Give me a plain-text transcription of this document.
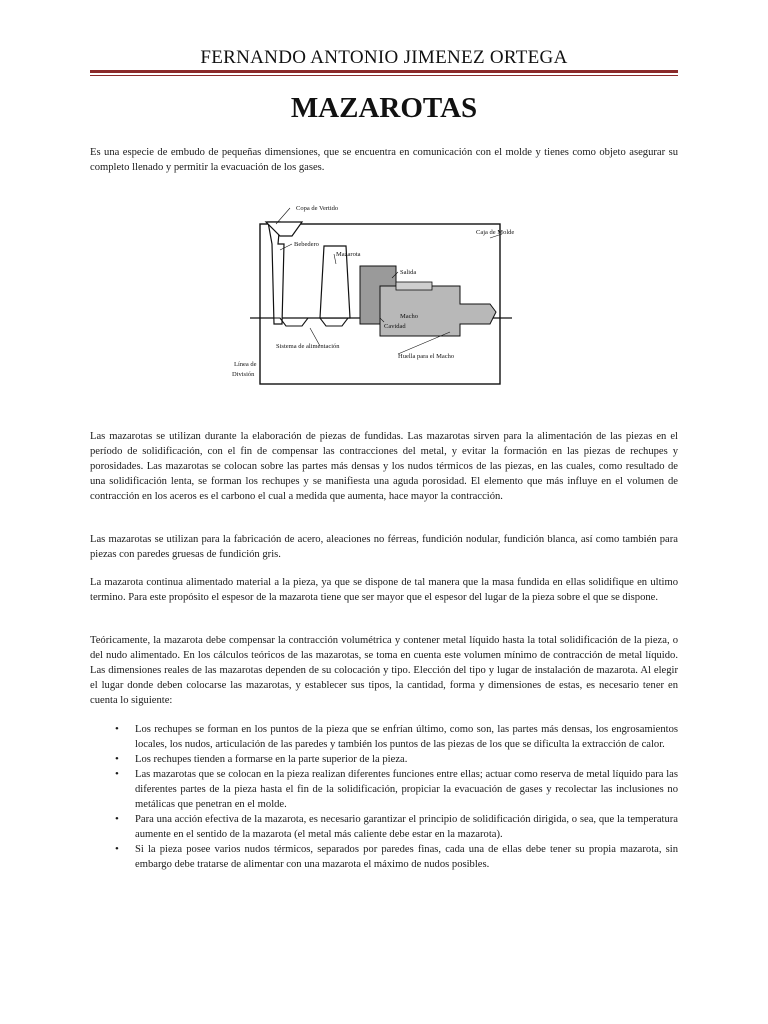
FERNANDO ANTONIO JIMENEZ ORTEGA
MAZAROTAS

Es una especie de embudo de pequeñas dimensiones, que se encuentra en comunicación con el molde y tienes como objeto asegurar su completo llenado y permitir la evacuación de los gases.

Copa de Vertido
Bebedero
Mazarota
Caja de Molde
Salida
Macho
Cavidad
Sistema de alimentación
Huella para el Macho
Línea de
División

Las mazarotas se utilizan durante la elaboración de piezas de fundidas. Las mazarotas sirven para la alimentación de las piezas en el período de solidificación, con el fin de compensar las contracciones del metal, y evitar la formación en las piezas de rechupes y porosidades. Las mazarotas se colocan sobre las partes más densas y los nudos térmicos de las piezas, en las cuales, como resultado de una solidificación lenta, se forman los rechupes y se manifiesta una aguda porosidad. El elemento que más influye en el volumen de contracción en los aceros es el carbono el cual a medida que aumenta, hace mayor la contracción.

Las mazarotas se utilizan para la fabricación de acero, aleaciones no férreas, fundición nodular, fundición blanca, así como también para piezas con paredes gruesas de fundición gris.

La mazarota continua alimentado material a la pieza, ya que se dispone de tal manera que la masa fundida en ellas solidifique en ultimo termino. Para este propósito el espesor de la mazarota tiene que ser mayor que el espesor del lugar de la pieza sobre el que se dispone.

Teóricamente, la mazarota debe compensar la contracción volumétrica y contener metal líquido hasta la total solidificación de la pieza, o del nudo alimentado. En los cálculos teóricos de las mazarotas, se toma en cuenta este volumen mínimo de contracción de metal líquido. Las dimensiones reales de las mazarotas dependen de su colocación y tipo. Elección del tipo y lugar de instalación de mazarota. Al elegir el lugar donde deben colocarse las mazarotas, y establecer sus tipos, la cantidad, forma y dimensiones de estas, es necesario tener en cuenta lo siguiente:

• Los rechupes se forman en los puntos de la pieza que se enfrían último, como son, las partes más densas, los engrosamientos locales, los nudos, articulación de las paredes y también los puntos de las piezas de los que se dificulta la extracción de calor.
• Los rechupes tienden a formarse en la parte superior de la pieza.
• Las mazarotas que se colocan en la pieza realizan diferentes funciones entre ellas; actuar como reserva de metal líquido para las diferentes partes de la pieza hasta el fin de la solidificación, propiciar la evacuación de gases y recolectar las inclusiones no metálicas que penetran en el molde.
• Para una acción efectiva de la mazarota, es necesario garantizar el principio de solidificación dirigida, o sea, que la temperatura aumente en el sentido de la mazarota (el metal más caliente debe estar en la mazarota).
• Si la pieza posee varios nudos térmicos, separados por paredes finas, cada una de ellas debe tener su propia mazarota, sin embargo debe tratarse de alimentar con una mazarota el máximo de nudos posibles.
